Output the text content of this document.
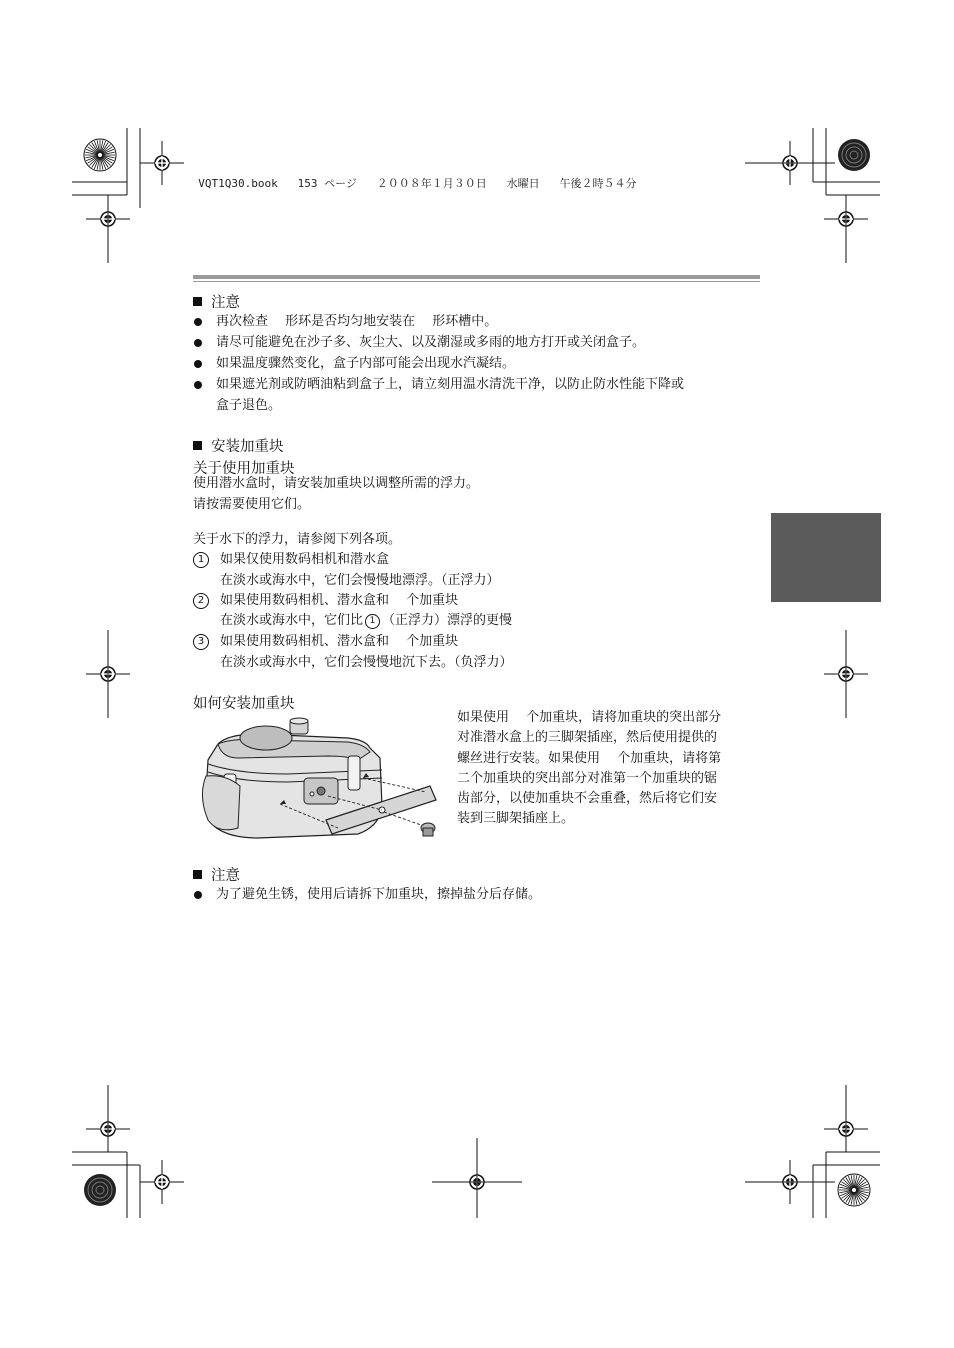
VQT1Q30.book 153 ページ ２００８年１月３０日 水曜日 午後２時５４分

注意
再次检查　 形环是否均匀地安装在　 形环槽中。
请尽可能避免在沙子多、灰尘大、以及潮湿或多雨的地方打开或关闭盒子。
如果温度骤然变化，盒子内部可能会出现水汽凝结。
如果遮光剂或防晒油粘到盒子上，请立刻用温水清洗干净，以防止防水性能下降或
盒子退色。
安装加重块
关于使用加重块
使用潜水盒时，请安装加重块以调整所需的浮力。
请按需要使用它们。
关于水下的浮力，请参阅下列各项。
1	如果仅使用数码相机和潜水盒
在淡水或海水中，它们会慢慢地漂浮。（正浮力）
2	如果使用数码相机、潜水盒和　 个加重块
在淡水或海水中，它们比 1 （正浮力）漂浮的更慢
3	如果使用数码相机、潜水盒和　 个加重块
在淡水或海水中，它们会慢慢地沉下去。（负浮力）
如何安装加重块
如果使用　 个加重块，请将加重块的突出部分
对准潜水盒上的三脚架插座，然后使用提供的
螺丝进行安装。如果使用　 个加重块，请将第
二个加重块的突出部分对准第一个加重块的锯
齿部分，以使加重块不会重叠，然后将它们安
装到三脚架插座上。
注意
为了避免生锈，使用后请拆下加重块，擦掉盐分后存储。
